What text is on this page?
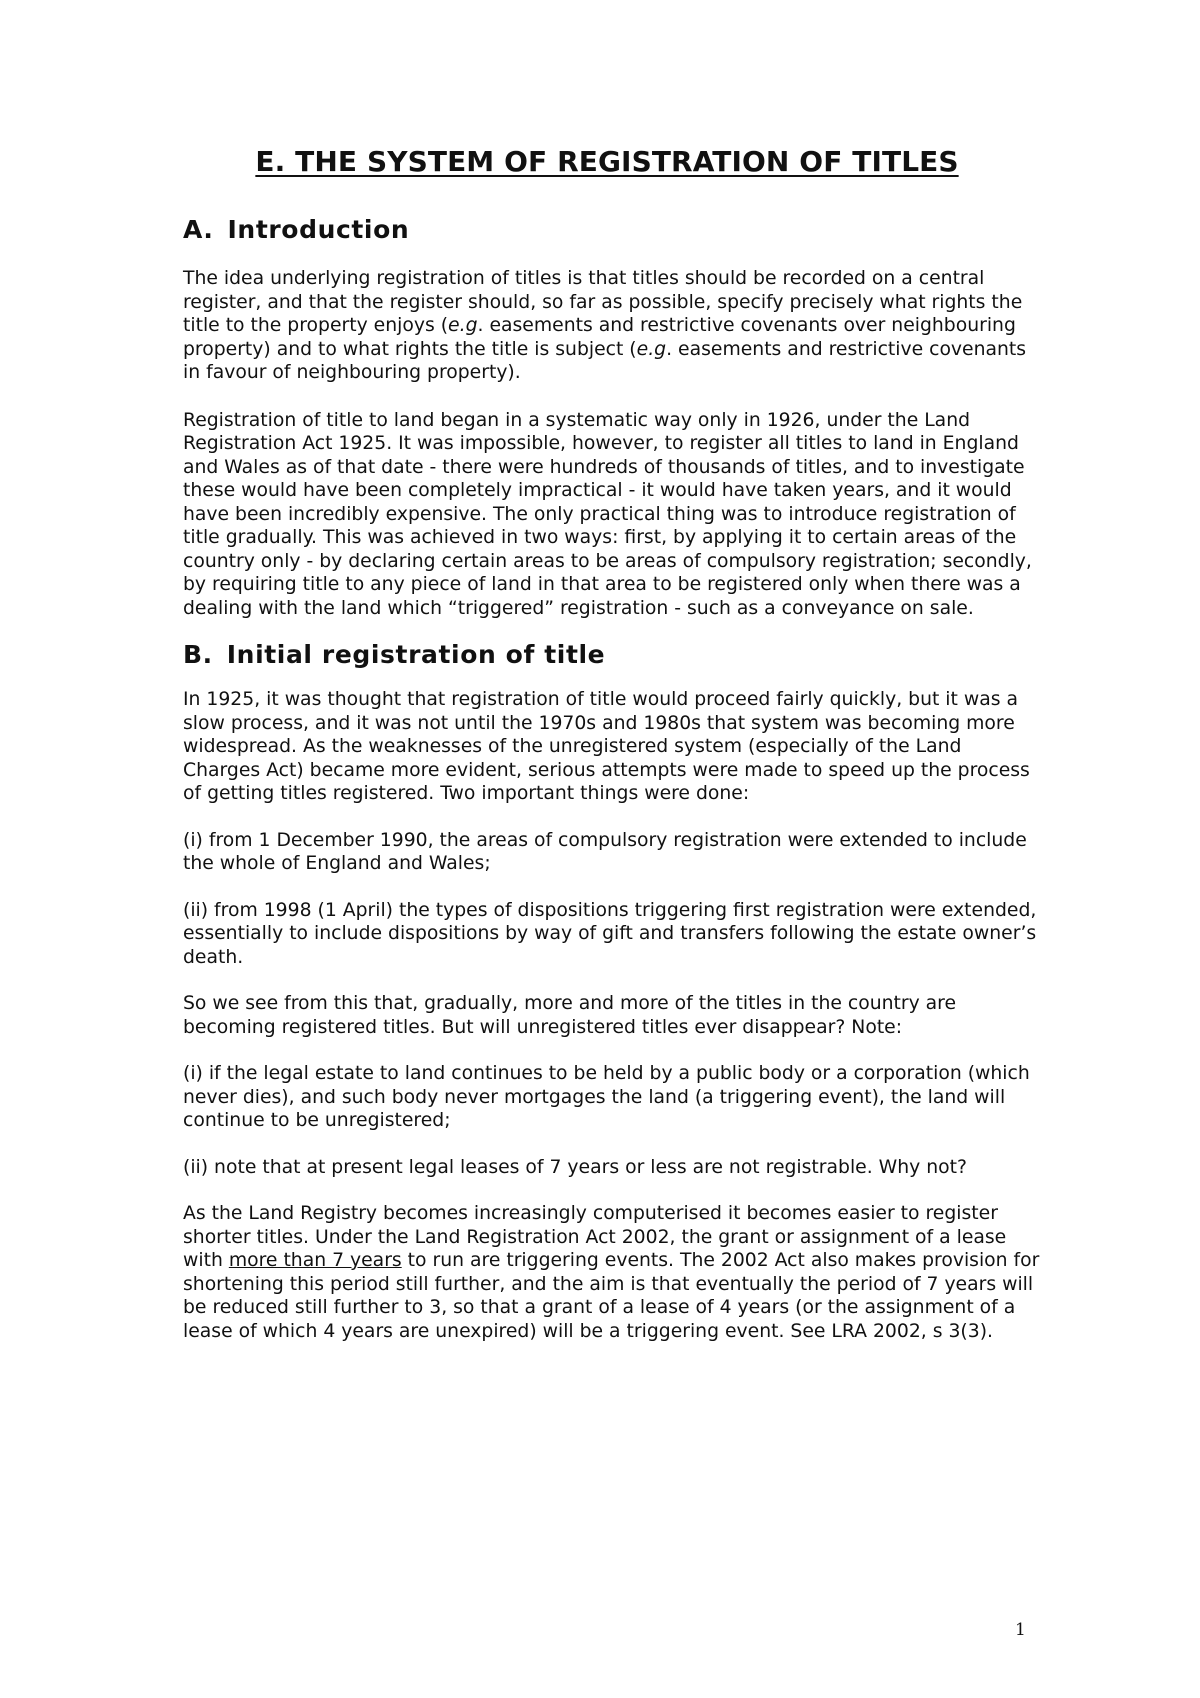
E. THE SYSTEM OF REGISTRATION OF TITLES
A. Introduction

The idea underlying registration of titles is that titles should be recorded on a central register, and that the register should, so far as possible, specify precisely what rights the title to the property enjoys (e.g. easements and restrictive covenants over neighbouring property) and to what rights the title is subject (e.g. easements and restrictive covenants in favour of neighbouring property).

Registration of title to land began in a systematic way only in 1926, under the Land Registration Act 1925. It was impossible, however, to register all titles to land in England and Wales as of that date - there were hundreds of thousands of titles, and to investigate these would have been completely impractical - it would have taken years, and it would have been incredibly expensive. The only practical thing was to introduce registration of title gradually. This was achieved in two ways: first, by applying it to certain areas of the country only - by declaring certain areas to be areas of compulsory registration; secondly, by requiring title to any piece of land in that area to be registered only when there was a dealing with the land which “triggered” registration - such as a conveyance on sale.

B. Initial registration of title

In 1925, it was thought that registration of title would proceed fairly quickly, but it was a slow process, and it was not until the 1970s and 1980s that system was becoming more widespread. As the weaknesses of the unregistered system (especially of the Land Charges Act) became more evident, serious attempts were made to speed up the process of getting titles registered. Two important things were done:

(i) from 1 December 1990, the areas of compulsory registration were extended to include the whole of England and Wales;

(ii) from 1998 (1 April) the types of dispositions triggering first registration were extended, essentially to include dispositions by way of gift and transfers following the estate owner’s death.

So we see from this that, gradually, more and more of the titles in the country are becoming registered titles. But will unregistered titles ever disappear? Note:

(i) if the legal estate to land continues to be held by a public body or a corporation (which never dies), and such body never mortgages the land (a triggering event), the land will continue to be unregistered;

(ii) note that at present legal leases of 7 years or less are not registrable. Why not?

As the Land Registry becomes increasingly computerised it becomes easier to register shorter titles. Under the Land Registration Act 2002, the grant or assignment of a lease with more than 7 years to run are triggering events. The 2002 Act also makes provision for shortening this period still further, and the aim is that eventually the period of 7 years will be reduced still further to 3, so that a grant of a lease of 4 years (or the assignment of a lease of which 4 years are unexpired) will be a triggering event. See LRA 2002, s 3(3).

1
